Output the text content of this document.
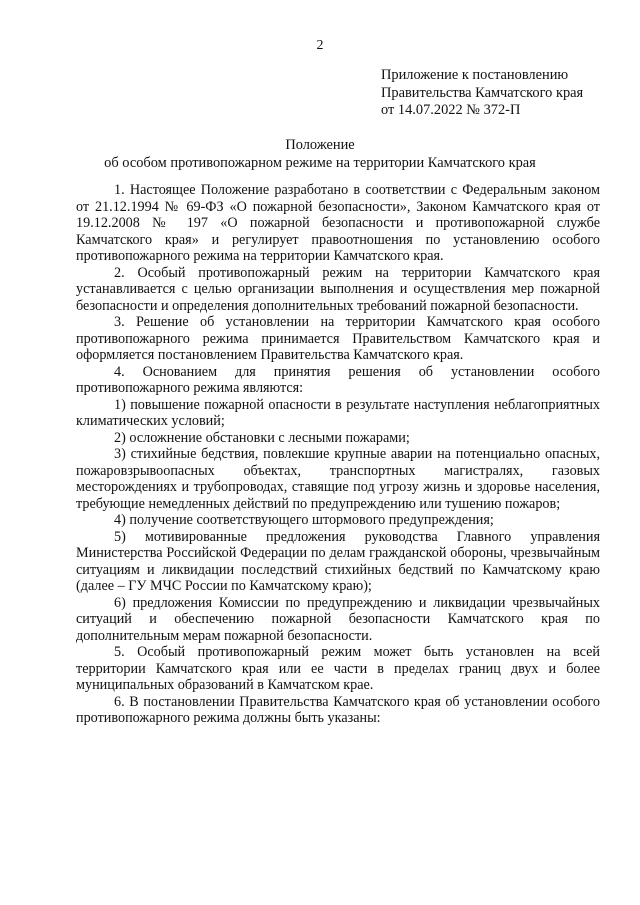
2
Приложение к постановлению
Правительства Камчатского края
от 14.07.2022 № 372-П
Положение
об особом противопожарном режиме на территории Камчатского края

1. Настоящее Положение разработано в соответствии с Федеральным законом от 21.12.1994 № 69-ФЗ «О пожарной безопасности», Законом Камчатского края от 19.12.2008 № 197 «О пожарной безопасности и противопожарной службе Камчатского края» и регулирует правоотношения по установлению особого противопожарного режима на территории Камчатского края.

2. Особый противопожарный режим на территории Камчатского края устанавливается с целью организации выполнения и осуществления мер пожарной безопасности и определения дополнительных требований пожарной безопасности.

3. Решение об установлении на территории Камчатского края особого противопожарного режима принимается Правительством Камчатского края и оформляется постановлением Правительства Камчатского края.

4. Основанием для принятия решения об установлении особого противопожарного режима являются:

1) повышение пожарной опасности в результате наступления неблагоприятных климатических условий;

2) осложнение обстановки с лесными пожарами;

3) стихийные бедствия, повлекшие крупные аварии на потенциально опасных, пожаровзрывоопасных объектах, транспортных магистралях, газовых месторождениях и трубопроводах, ставящие под угрозу жизнь и здоровье населения, требующие немедленных действий по предупреждению или тушению пожаров;

4) получение соответствующего штормового предупреждения;

5) мотивированные предложения руководства Главного управления Министерства Российской Федерации по делам гражданской обороны, чрезвычайным ситуациям и ликвидации последствий стихийных бедствий по Камчатскому краю (далее – ГУ МЧС России по Камчатскому краю);

6) предложения Комиссии по предупреждению и ликвидации чрезвычайных ситуаций и обеспечению пожарной безопасности Камчатского края по дополнительным мерам пожарной безопасности.

5. Особый противопожарный режим может быть установлен на всей территории Камчатского края или ее части в пределах границ двух и более муниципальных образований в Камчатском крае.

6. В постановлении Правительства Камчатского края об установлении особого противопожарного режима должны быть указаны:
